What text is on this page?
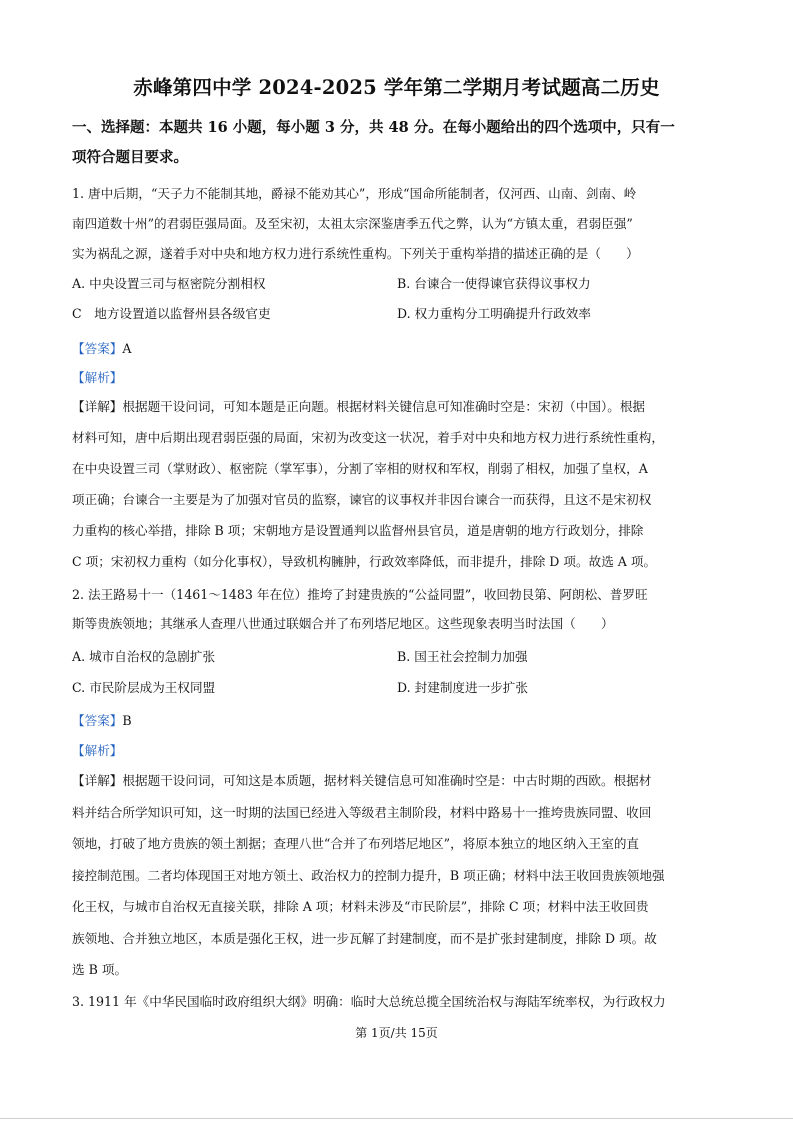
赤峰第四中学 2024-2025 学年第二学期月考试题高二历史
一、选择题：本题共 16 小题，每小题 3 分，共 48 分。在每小题给出的四个选项中，只有一
项符合题目要求。
1. 唐中后期，“天子力不能制其地，爵禄不能劝其心”，形成“国命所能制者，仅河西、山南、剑南、岭
南四道数十州”的君弱臣强局面。及至宋初，太祖太宗深鉴唐季五代之弊，认为“方镇太重，君弱臣强”
实为祸乱之源，遂着手对中央和地方权力进行系统性重构。下列关于重构举措的描述正确的是（　　）
A. 中央设置三司与枢密院分割相权	B. 台谏合一使得谏官获得议事权力
C　地方设置道以监督州县各级官吏	D. 权力重构分工明确提升行政效率
【答案】A
【解析】
【详解】根据题干设问词，可知本题是正向题。根据材料关键信息可知准确时空是：宋初（中国）。根据
材料可知，唐中后期出现君弱臣强的局面，宋初为改变这一状况，着手对中央和地方权力进行系统性重构，
在中央设置三司（掌财政）、枢密院（掌军事），分割了宰相的财权和军权，削弱了相权，加强了皇权，A
项正确；台谏合一主要是为了加强对官员的监察，谏官的议事权并非因台谏合一而获得，且这不是宋初权
力重构的核心举措，排除 B 项；宋朝地方是设置通判以监督州县官员，道是唐朝的地方行政划分，排除
C 项；宋初权力重构（如分化事权），导致机构臃肿，行政效率降低，而非提升，排除 D 项。故选 A 项。
2. 法王路易十一（1461～1483 年在位）推垮了封建贵族的“公益同盟”，收回勃艮第、阿朗松、普罗旺
斯等贵族领地；其继承人查理八世通过联姻合并了布列塔尼地区。这些现象表明当时法国（　　）
A. 城市自治权的急剧扩张	B. 国王社会控制力加强
C. 市民阶层成为王权同盟	D. 封建制度进一步扩张
【答案】B
【解析】
【详解】根据题干设问词，可知这是本质题，据材料关键信息可知准确时空是：中古时期的西欧。根据材
料并结合所学知识可知，这一时期的法国已经进入等级君主制阶段，材料中路易十一推垮贵族同盟、收回
领地，打破了地方贵族的领土割据；查理八世“合并了布列塔尼地区”，将原本独立的地区纳入王室的直
接控制范围。二者均体现国王对地方领土、政治权力的控制力提升，B 项正确；材料中法王收回贵族领地强
化王权，与城市自治权无直接关联，排除 A 项；材料未涉及“市民阶层”，排除 C 项；材料中法王收回贵
族领地、合并独立地区，本质是强化王权，进一步瓦解了封建制度，而不是扩张封建制度，排除 D 项。故
选 B 项。
3. 1911 年《中华民国临时政府组织大纲》明确：临时大总统总揽全国统治权与海陆军统率权，为行政权力
第 1页/共 15页
